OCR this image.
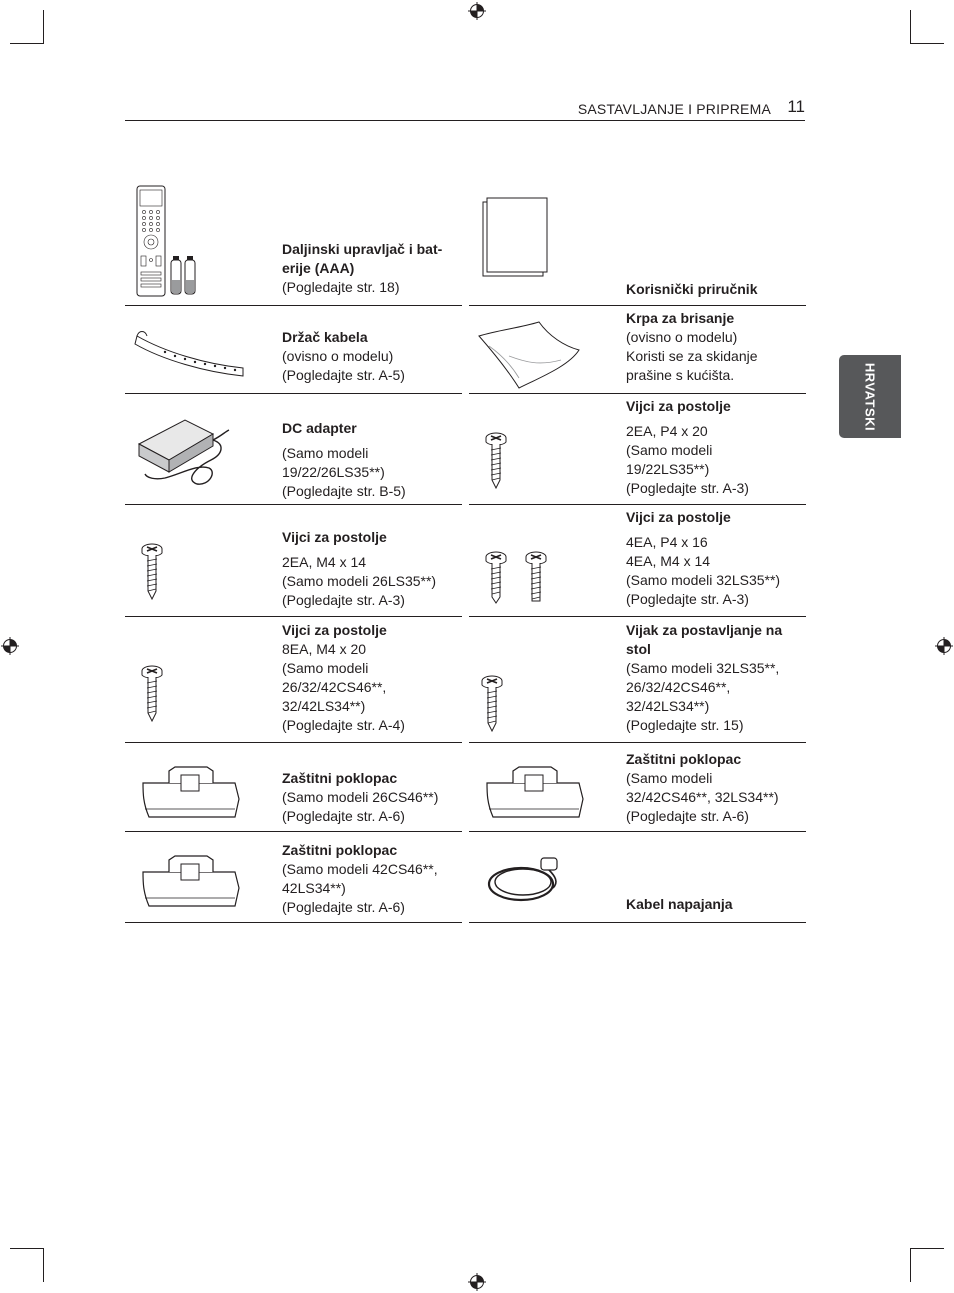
SASTAVLJANJE I PRIPREMA 11
HRVATSKI
Daljinski upravljač i bat-
erije (AAA)
(Pogledajte str. 18)
Držač kabela
(ovisno o modelu)
(Pogledajte str. A-5)
DC adapter
(Samo modeli
19/22/26LS35**)
(Pogledajte str. B-5)
Vijci za postolje
2EA, M4 x 14
(Samo modeli 26LS35**)
(Pogledajte str. A-3)
Vijci za postolje
8EA, M4 x 20
(Samo modeli
26/32/42CS46**,
32/42LS34**)
(Pogledajte str. A-4)
Zaštitni poklopac
(Samo modeli 26CS46**)
(Pogledajte str. A-6)
Zaštitni poklopac
(Samo modeli 42CS46**,
42LS34**)
(Pogledajte str. A-6)
Korisnički priručnik
Krpa za brisanje
(ovisno o modelu)
Koristi se za skidanje
prašine s kućišta.
Vijci za postolje
2EA, P4 x 20
(Samo modeli
19/22LS35**)
(Pogledajte str. A-3)
Vijci za postolje
4EA, P4 x 16
4EA, M4 x 14
(Samo modeli 32LS35**)
(Pogledajte str. A-3)
Vijak za postavljanje na
stol
(Samo modeli 32LS35**,
26/32/42CS46**,
32/42LS34**)
(Pogledajte str. 15)
Zaštitni poklopac
(Samo modeli
32/42CS46**, 32LS34**)
(Pogledajte str. A-6)
Kabel napajanja
